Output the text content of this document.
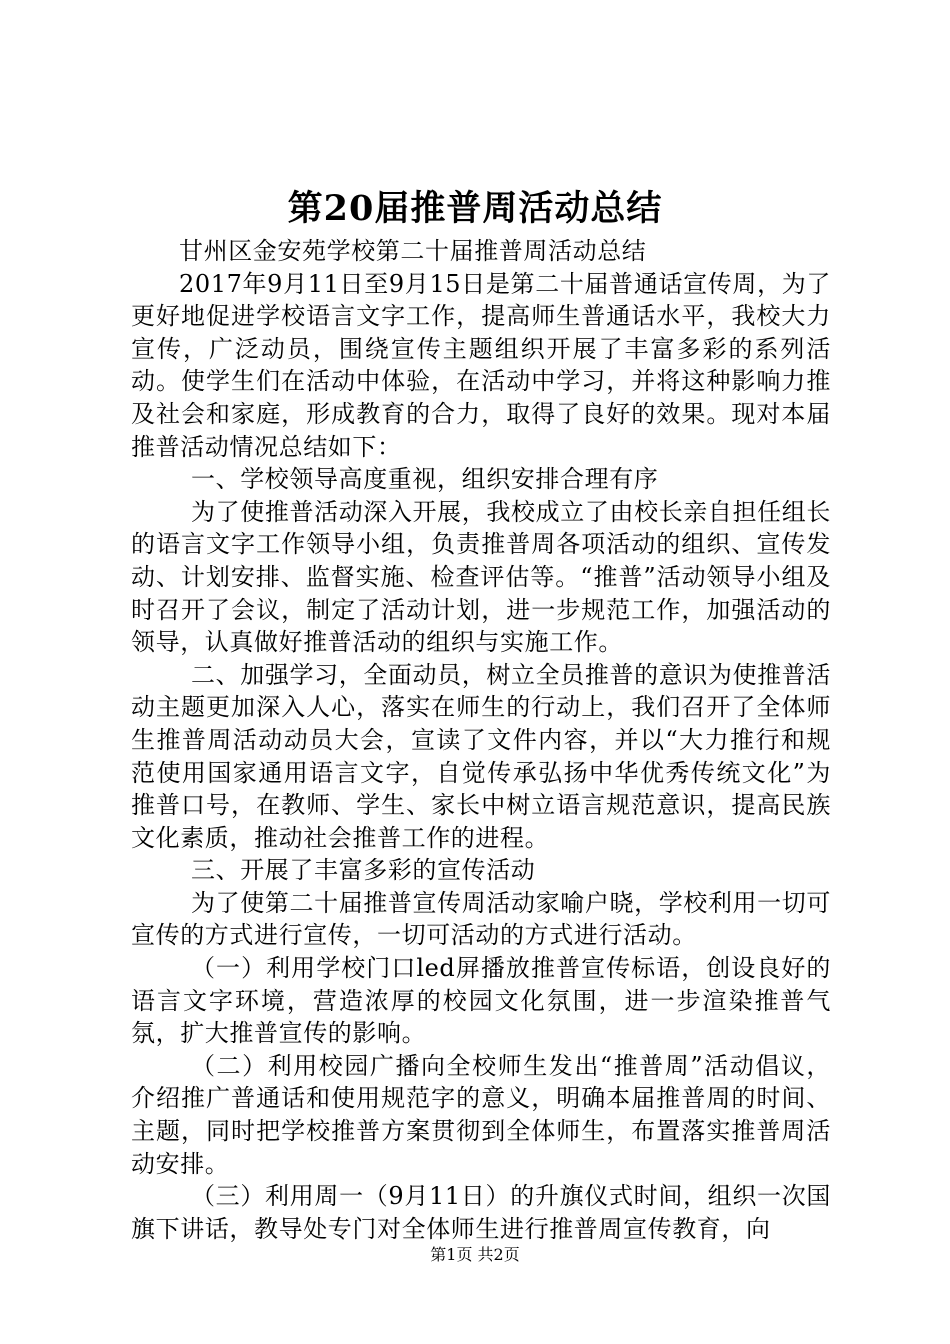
第20届推普周活动总结

甘州区金安苑学校第二十届推普周活动总结

2017年9月11日至9月15日是第二十届普通话宣传周，为了更好地促进学校语言文字工作，提高师生普通话水平，我校大力宣传，广泛动员，围绕宣传主题组织开展了丰富多彩的系列活动。使学生们在活动中体验，在活动中学习，并将这种影响力推及社会和家庭，形成教育的合力，取得了良好的效果。现对本届推普活动情况总结如下：

一、学校领导高度重视，组织安排合理有序

为了使推普活动深入开展，我校成立了由校长亲自担任组长的语言文字工作领导小组，负责推普周各项活动的组织、宣传发动、计划安排、监督实施、检查评估等。“推普”活动领导小组及时召开了会议，制定了活动计划，进一步规范工作，加强活动的领导，认真做好推普活动的组织与实施工作。

二、加强学习，全面动员，树立全员推普的意识为使推普活动主题更加深入人心，落实在师生的行动上，我们召开了全体师生推普周活动动员大会，宣读了文件内容，并以“大力推行和规范使用国家通用语言文字，自觉传承弘扬中华优秀传统文化”为推普口号，在教师、学生、家长中树立语言规范意识，提高民族文化素质，推动社会推普工作的进程。

三、开展了丰富多彩的宣传活动

为了使第二十届推普宣传周活动家喻户晓，学校利用一切可宣传的方式进行宣传，一切可活动的方式进行活动。

（一）利用学校门口led屏播放推普宣传标语，创设良好的语言文字环境，营造浓厚的校园文化氛围，进一步渲染推普气氛，扩大推普宣传的影响。

（二）利用校园广播向全校师生发出“推普周”活动倡议，介绍推广普通话和使用规范字的意义，明确本届推普周的时间、主题，同时把学校推普方案贯彻到全体师生，布置落实推普周活动安排。

（三）利用周一（9月11日）的升旗仪式时间，组织一次国旗下讲话，教导处专门对全体师生进行推普周宣传教育，向

第1页 共2页
